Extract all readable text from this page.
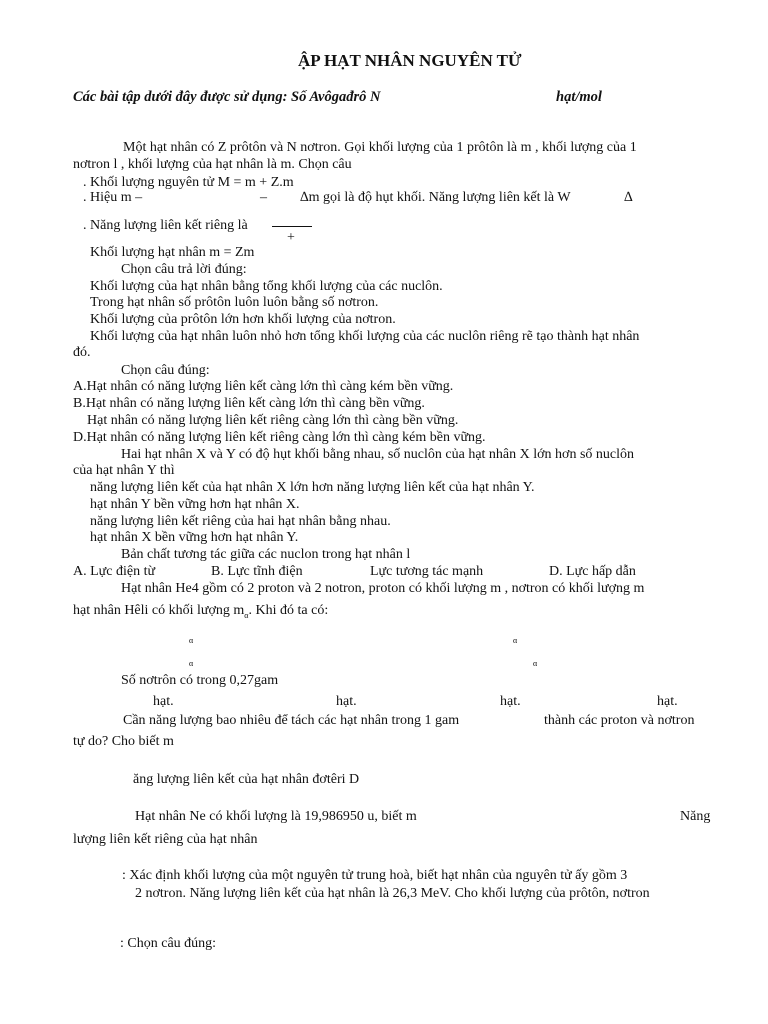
ẬP HẠT NHÂN NGUYÊN TỬ
Các bài tập dưới đây được sử dụng: Số Avôgađrô N	hạt/mol
Một hạt nhân có Z prôtôn và N nơtron. Gọi khối lượng của 1 prôtôn là m , khối lượng của 1
nơtron l , khối lượng của hạt nhân là m. Chọn câu
. Khối lượng nguyên tử M = m + Z.m
. Hiệu m –	– ∆m gọi là độ hụt khối. Năng lượng liên kết là W	∆
. Năng lượng liên kết riêng là
+
Khối lượng hạt nhân m = Zm
Chọn câu trả lời đúng:
Khối lượng của hạt nhân bằng tổng khối lượng của các nuclôn.
Trong hạt nhân số prôtôn luôn luôn bằng số nơtron.
Khối lượng của prôtôn lớn hơn khối lượng của nơtron.
Khối lượng của hạt nhân luôn nhỏ hơn tổng khối lượng của các nuclôn riêng rẽ tạo thành hạt nhân
đó.
Chọn câu đúng:
A.Hạt nhân có năng lượng liên kết càng lớn thì càng kém bền vững.
B.Hạt nhân có năng lượng liên kết càng lớn thì càng bền vững.
Hạt nhân có năng lượng liên kết riêng càng lớn thì càng bền vững.
D.Hạt nhân có năng lượng liên kết riêng càng lớn thì càng kém bền vững.
Hai hạt nhân X và Y có độ hụt khối bằng nhau, số nuclôn của hạt nhân X lớn hơn số nuclôn
của hạt nhân Y thì
năng lượng liên kết của hạt nhân X lớn hơn năng lượng liên kết của hạt nhân Y.
hạt nhân Y bền vững hơn hạt nhân X.
năng lượng liên kết riêng của hai hạt nhân bằng nhau.
hạt nhân X bền vững hơn hạt nhân Y.
Bản chất tương tác giữa các nuclon trong hạt nhân l
A. Lực điện từ	B. Lực tĩnh điện	Lực tương tác mạnh	D. Lực hấp dẫn
Hạt nhân He4 gồm có 2 proton và 2 notron, proton có khối lượng m , nơtron có khối lượng m
hạt nhân Hêli có khối lượng $m_\alpha$. Khi đó ta có:
α	α
α	α
Số nơtrôn có trong 0,27gam
hạt.	hạt.	hạt.	hạt.
Cần năng lượng bao nhiêu để tách các hạt nhân trong 1 gam	thành các proton và nơtron
tự do? Cho biết m
ăng lượng liên kết của hạt nhân đơtêri D
Hạt nhân Ne có khối lượng là 19,986950 u, biết m	Năng
lượng liên kết riêng của hạt nhân
: Xác định khối lượng của một nguyên tử trung hoà, biết hạt nhân của nguyên tử ấy gồm 3
2 nơtron. Năng lượng liên kết của hạt nhân là 26,3 MeV. Cho khối lượng của prôtôn, nơtron
: Chọn câu đúng:
